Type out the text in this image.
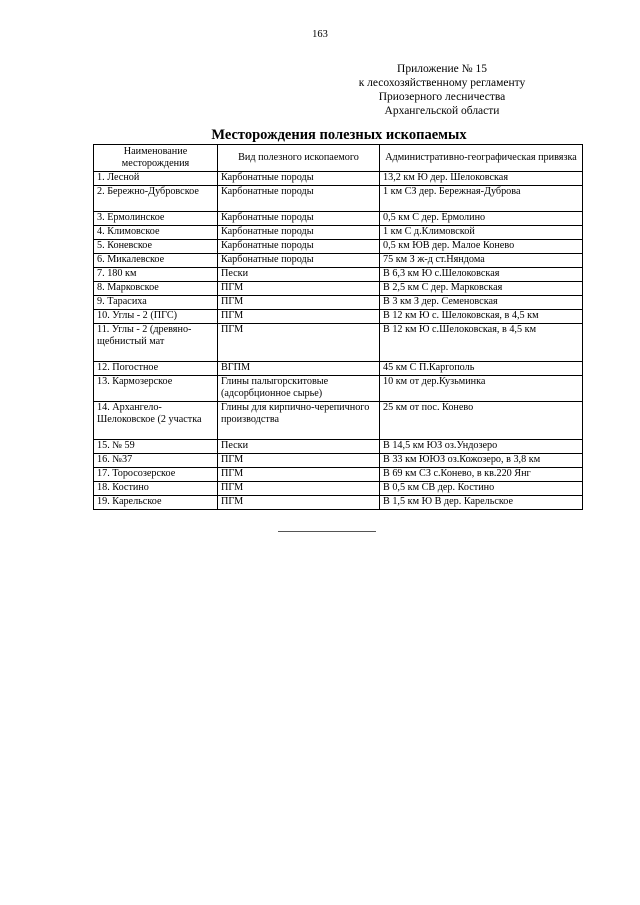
163
Приложение № 15
к лесохозяйственному регламенту
Приозерного лесничества
Архангельской области
Месторождения полезных ископаемых
Наименование месторождения	Вид полезного ископаемого	Административно-географическая привязка
1. Лесной	Карбонатные породы	13,2 км Ю дер. Шелоковская
2. Бережно-Дубровское	Карбонатные породы	1 км СЗ дер. Бережная-Дуброва
3. Ермолинское	Карбонатные породы	0,5 км С дер. Ермолино
4. Климовское	Карбонатные породы	1 км С д.Климовской
5. Коневское	Карбонатные породы	0,5 км ЮВ дер. Малое Конево
6. Микалевское	Карбонатные породы	75 км З ж-д ст.Няндома
7. 180 км	Пески	В 6,3 км Ю с.Шелоковская
8. Марковское	ПГМ	В 2,5 км С дер. Марковская
9. Тарасиха	ПГМ	В 3 км З дер. Семеновская
10. Углы - 2 (ПГС)	ПГМ	В 12 км Ю с. Шелоковская, в 4,5 км
11. Углы - 2 (древяно-щебнистый мат	ПГМ	В 12 км Ю с.Шелоковская, в 4,5 км
12. Погостное	ВГПМ	45 км С П.Каргополь
13. Кармозерское	Глины палыгорскитовые (адсорбционное сырье)	10 км от дер.Кузьминка
14. Архангело-Шелоковское (2 участка	Глины для кирпично-черепичного производства	25 км от пос. Конево
15. № 59	Пески	В 14,5 км ЮЗ оз.Ундозеро
16. №37	ПГМ	В 33 км ЮЮЗ оз.Кожозеро, в 3,8 км
17. Торосозерское	ПГМ	В 69 км СЗ с.Конево, в кв.220 Янг
18. Костино	ПГМ	В 0,5 км СВ дер. Костино
19. Карельское	ПГМ	В 1,5 км Ю В дер. Карельское
